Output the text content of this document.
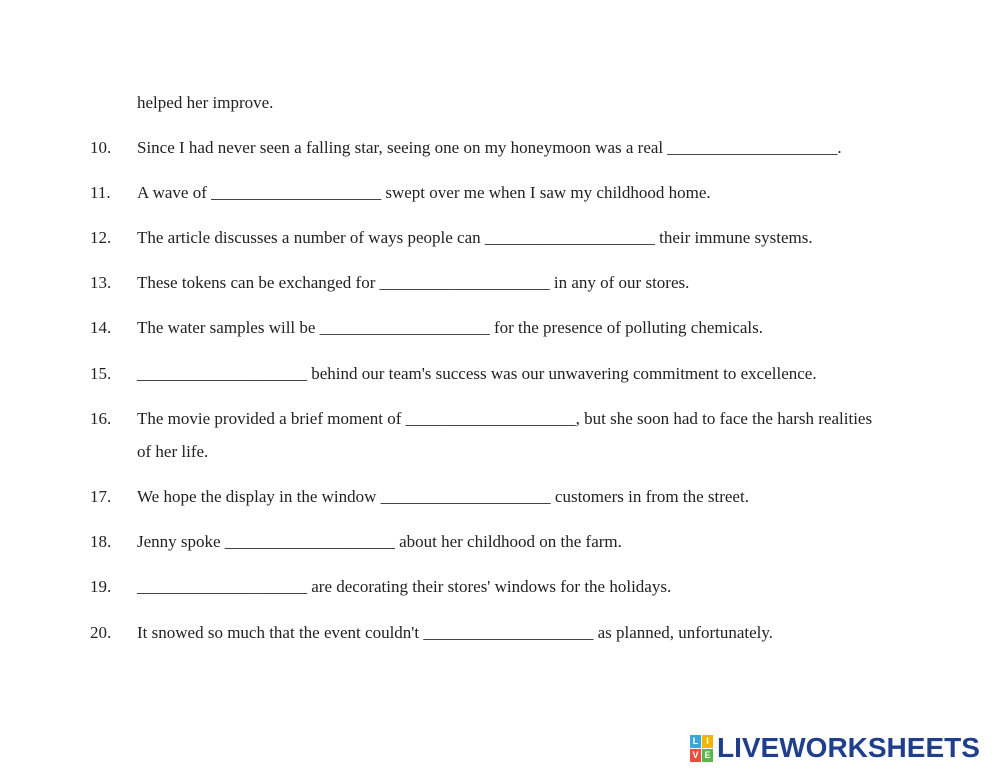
helped her improve.
10.	Since I had never seen a falling star, seeing one on my honeymoon was a real ____________________.
11.	A wave of ____________________ swept over me when I saw my childhood home.
12.	The article discusses a number of ways people can ____________________ their immune systems.
13.	These tokens can be exchanged for ____________________ in any of our stores.
14.	The water samples will be ____________________ for the presence of polluting chemicals.
15.	____________________ behind our team's success was our unwavering commitment to excellence.
16.	The movie provided a brief moment of ____________________, but she soon had to face the harsh realities
of her life.
17.	We hope the display in the window ____________________ customers in from the street.
18.	Jenny spoke ____________________ about her childhood on the farm.
19.	____________________ are decorating their stores' windows for the holidays.
20.	It snowed so much that the event couldn't ____________________ as planned, unfortunately.
L I
V E LIVEWORKSHEETS
